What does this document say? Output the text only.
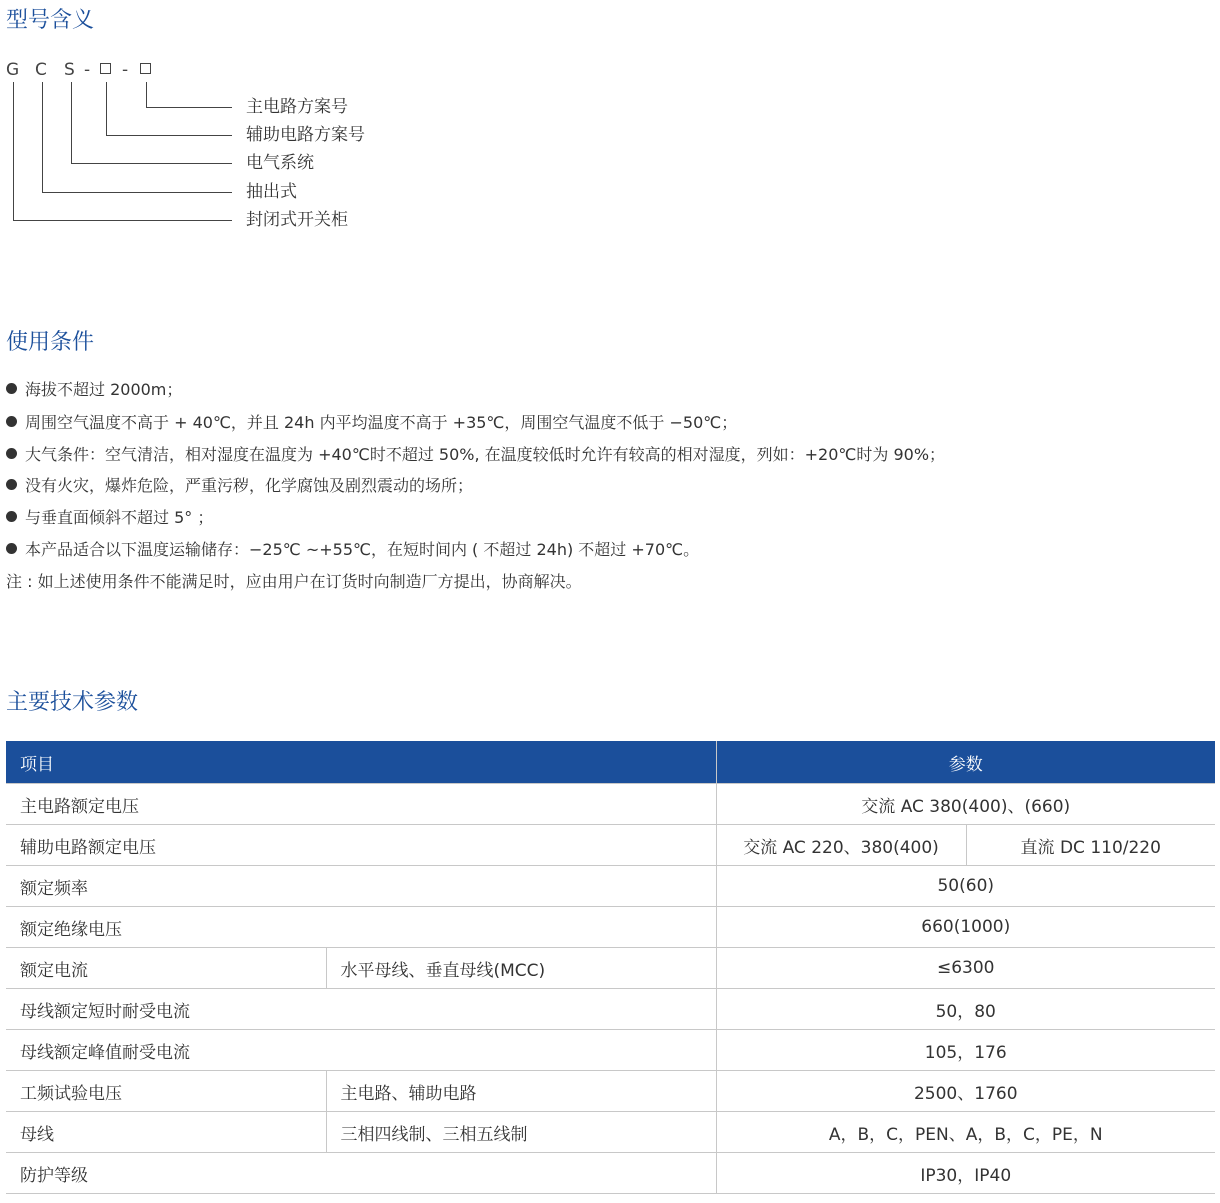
型号含义
G C S - -
主电路方案号
辅助电路方案号
电气系统
抽出式
封闭式开关柜
使用条件
海拔不超过 2000m；
周围空气温度不高于 + 40℃，并且 24h 内平均温度不高于 +35℃，周围空气温度不低于 −50℃；
大气条件：空气清洁，相对湿度在温度为 +40℃时不超过 50%, 在温度较低时允许有较高的相对湿度，列如：+20℃时为 90%；
没有火灾，爆炸危险，严重污秽，化学腐蚀及剧烈震动的场所；
与垂直面倾斜不超过 5° ；
本产品适合以下温度运输储存：−25℃ ~+55℃，在短时间内 ( 不超过 24h) 不超过 +70℃。
注 : 如上述使用条件不能满足时，应由用户在订货时向制造厂方提出，协商解决。
主要技术参数
项目		参数	
主电路额定电压		交流 AC 380(400)、(660)	
辅助电路额定电压		交流 AC 220、380(400)	直流 DC 110/220
额定频率		50(60)	
额定绝缘电压		660(1000)	
额定电流	水平母线、垂直母线(MCC)	≤6300	
母线额定短时耐受电流		50，80	
母线额定峰值耐受电流		105，176	
工频试验电压	主电路、辅助电路	2500、1760	
母线	三相四线制、三相五线制	A，B，C，PEN、A，B，C，PE，N	
防护等级		IP30，IP40	
